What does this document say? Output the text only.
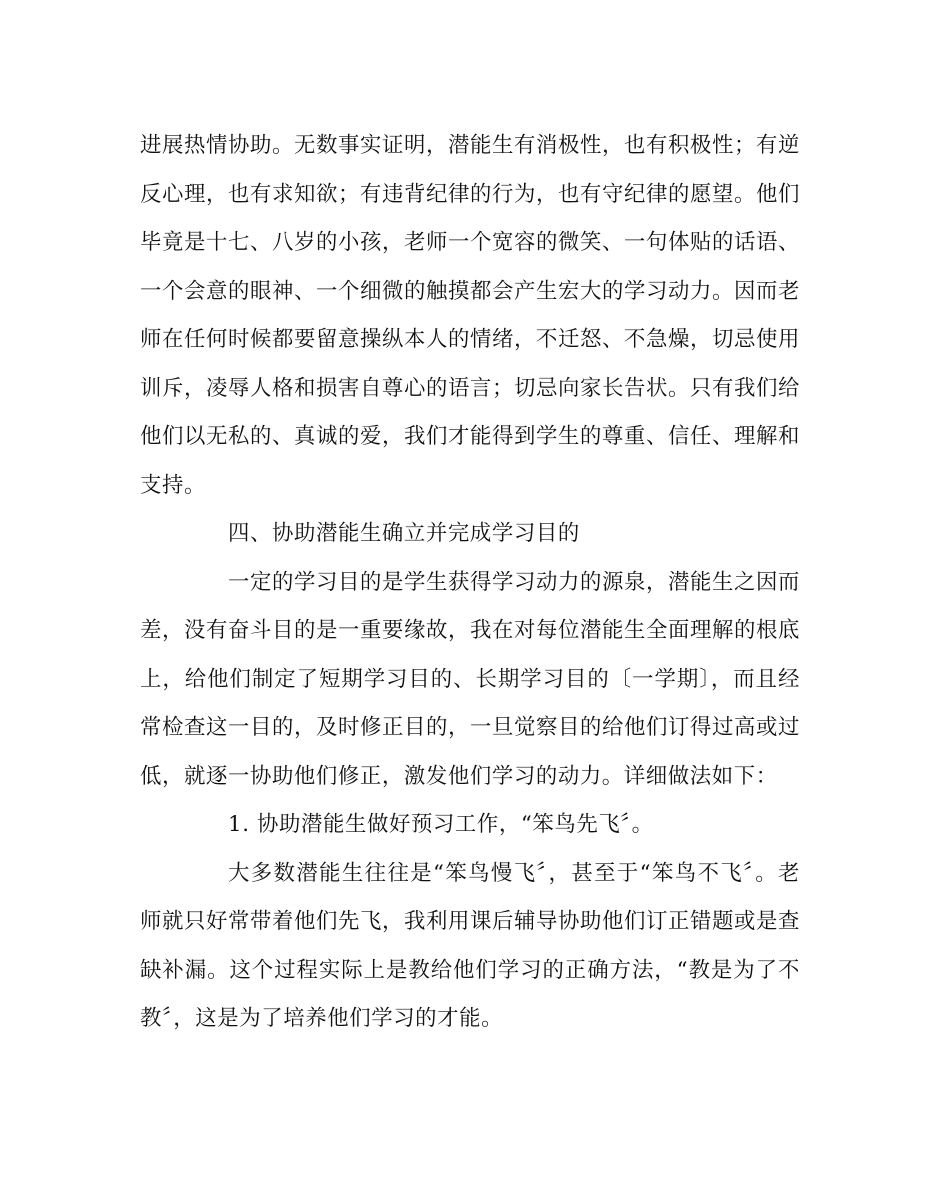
进展热情协助。无数事实证明，潜能生有消极性，也有积极性；有逆反心理，也有求知欲；有违背纪律的行为，也有守纪律的愿望。他们毕竟是十七、八岁的小孩，老师一个宽容的微笑、一句体贴的话语、一个会意的眼神、一个细微的触摸都会产生宏大的学习动力。因而老师在任何时候都要留意操纵本人的情绪，不迁怒、不急燥，切忌使用训斥，凌辱人格和损害自尊心的语言；切忌向家长告状。只有我们给他们以无私的、真诚的爱，我们才能得到学生的尊重、信任、理解和支持。

四、协助潜能生确立并完成学习目的

一定的学习目的是学生获得学习动力的源泉，潜能生之因而差，没有奋斗目的是一重要缘故，我在对每位潜能生全面理解的根底上，给他们制定了短期学习目的、长期学习目的〔一学期〕，而且经常检查这一目的，及时修正目的，一旦觉察目的给他们订得过高或过低，就逐一协助他们修正，激发他们学习的动力。详细做法如下：

1. 协助潜能生做好预习工作，“笨鸟先飞〞。

大多数潜能生往往是“笨鸟慢飞〞，甚至于“笨鸟不飞〞。老师就只好常带着他们先飞，我利用课后辅导协助他们订正错题或是查缺补漏。这个过程实际上是教给他们学习的正确方法，“教是为了不教〞，这是为了培养他们学习的才能。
